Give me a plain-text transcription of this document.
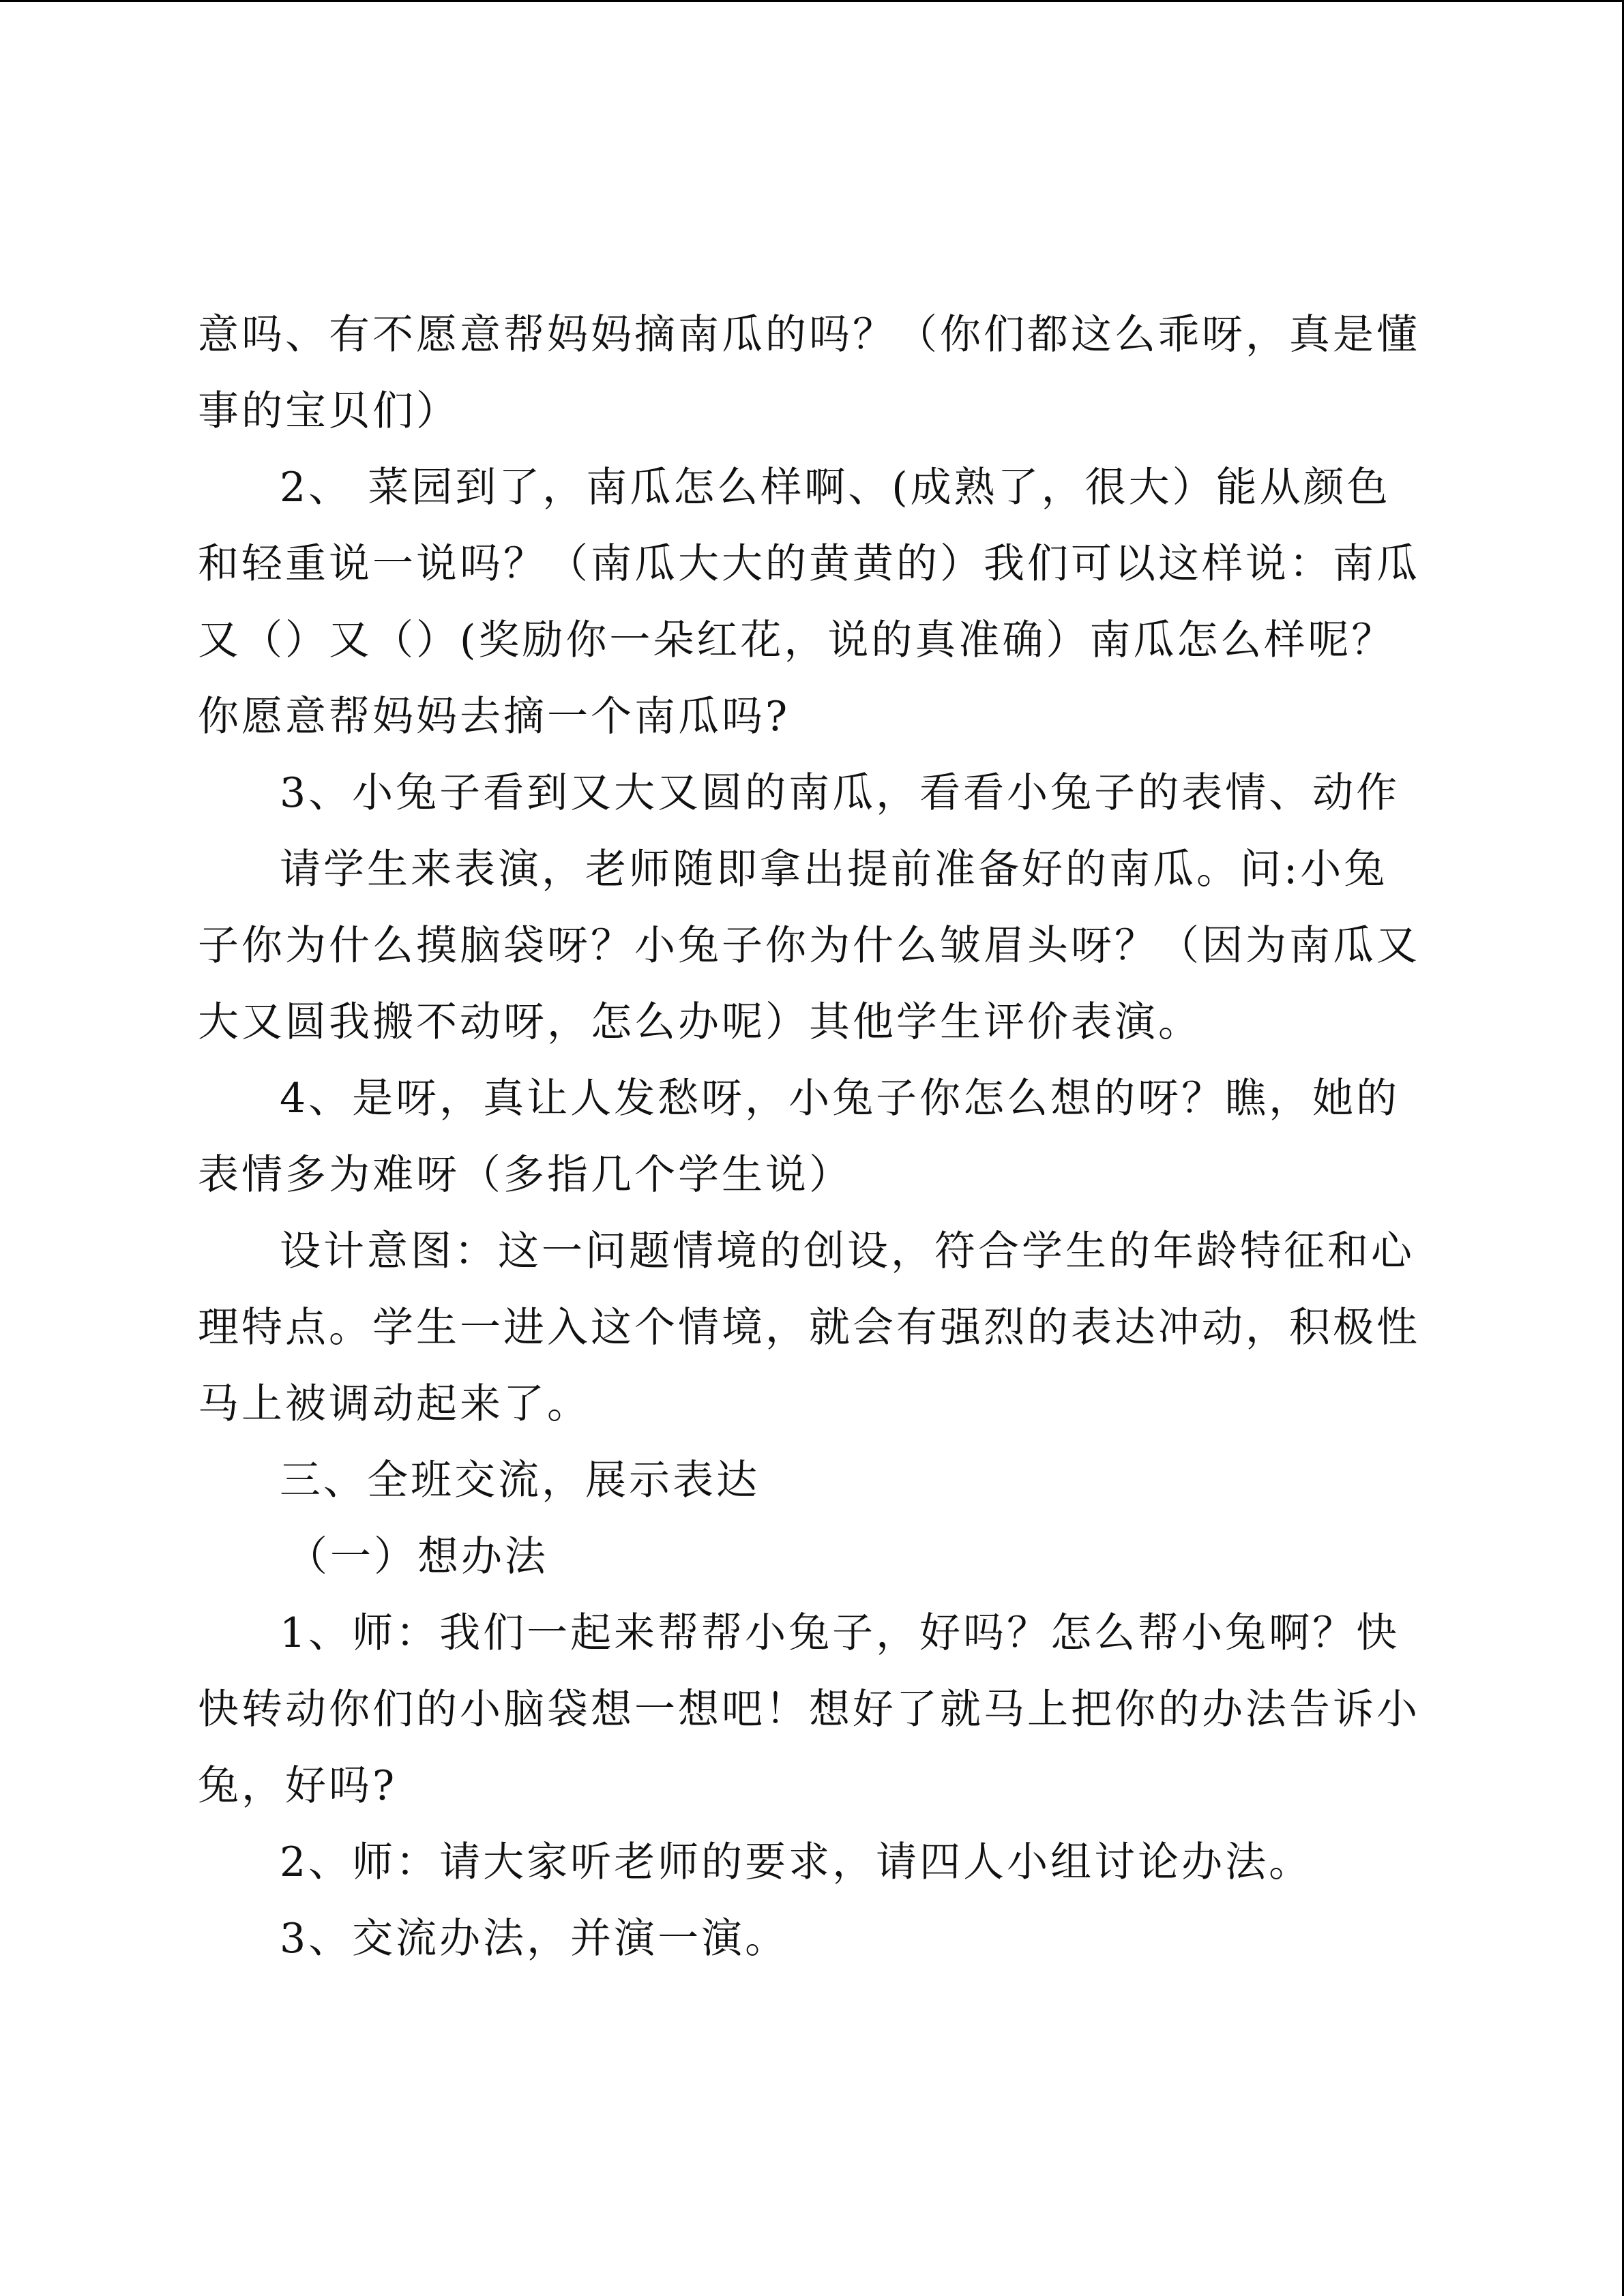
意吗、有不愿意帮妈妈摘南瓜的吗？（你们都这么乖呀，真是懂事的宝贝们）

2、 菜园到了，南瓜怎么样啊、(成熟了，很大）能从颜色和轻重说一说吗？（南瓜大大的黄黄的）我们可以这样说：南瓜又（）又（）(奖励你一朵红花，说的真准确）南瓜怎么样呢？你愿意帮妈妈去摘一个南瓜吗?

3、小兔子看到又大又圆的南瓜，看看小兔子的表情、动作

请学生来表演，老师随即拿出提前准备好的南瓜。问:小兔子你为什么摸脑袋呀？小兔子你为什么皱眉头呀？（因为南瓜又大又圆我搬不动呀，怎么办呢）其他学生评价表演。

4、是呀，真让人发愁呀，小兔子你怎么想的呀？瞧，她的表情多为难呀（多指几个学生说）

设计意图：这一问题情境的创设，符合学生的年龄特征和心理特点。学生一进入这个情境，就会有强烈的表达冲动，积极性马上被调动起来了。

三、全班交流，展示表达

（一）想办法

1、师：我们一起来帮帮小兔子，好吗？怎么帮小兔啊？快快转动你们的小脑袋想一想吧！想好了就马上把你的办法告诉小兔，好吗?

2、师：请大家听老师的要求，请四人小组讨论办法。

3、交流办法，并演一演。
